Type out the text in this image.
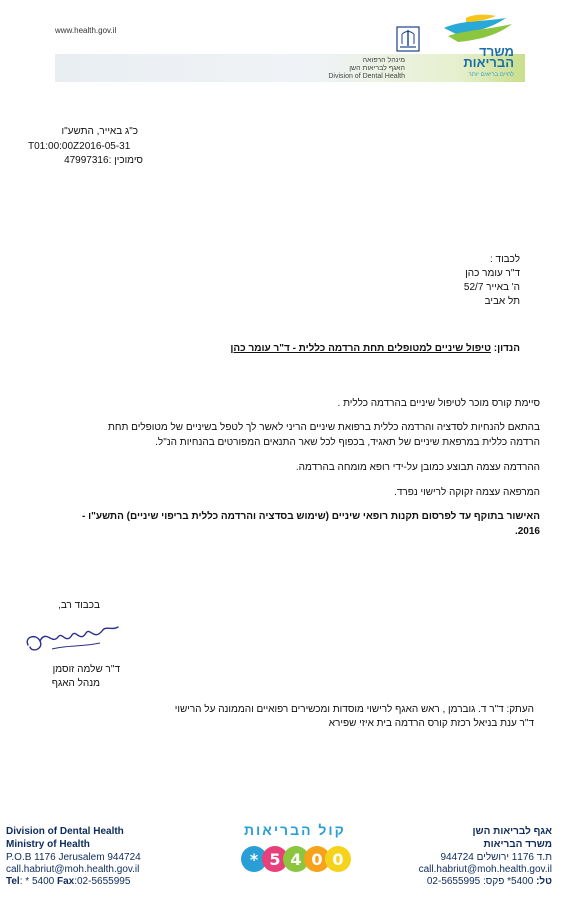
www.health.gov.il
מינהל הרפואה
האגף לבריאות השן
Division of Dental Health
משרד
הבריאות
לחיים בריאים יותר
כ"ג באייר, התשע"ו
T01:00:00Z2016-05-31
סימוכין :47997316
לכבוד :
ד"ר עומר כהן
ה' באייר 52/7
תל אביב
הנדון: טיפול שיניים למטופלים תחת הרדמה כללית - ד"ר עומר כהן
סיימת קורס מוכר לטיפול שיניים בהרדמה כללית .
בהתאם להנחיות לסדציה והרדמה כללית ברפואת שיניים הריני לאשר לך לטפל בשיניים של מטופלים תחת
הרדמה כללית במרפאת שיניים של תאגיד, בכפוף לכל שאר התנאים המפורטים בהנחיות הנ"ל.
ההרדמה עצמה תבוצע כמובן על-ידי רופא מומחה בהרדמה.
המרפאה עצמה זקוקה לרישוי נפרד.
האישור בתוקף עד לפרסום תקנות רופאי שיניים (שימוש בסדציה והרדמה כללית בריפוי שיניים) התשע"ו -
2016.
בכבוד רב,
ד"ר שלמה זוסמן
מנהל האגף
העתק: ד"ר ד. גוברמן , ראש האגף לרישוי מוסדות ומכשירים רפואיים והממונה על הרישוי
ד"ר ענת בניאל רכזת קורס הרדמה בית איזי שפירא
Division of Dental Health
Ministry of Health
P.O.B 1176 Jerusalem 944724
call.habriut@moh.health.gov.il
Tel: * 5400 Fax:02-5655995
קול הבריאות
* 5 4 0 0
אגף לבריאות השן
משרד הבריאות
ת.ד 1176 ירושלים 944724
call.habriut@moh.health.gov.il
טל: 5400* פקס: 02-5655995
